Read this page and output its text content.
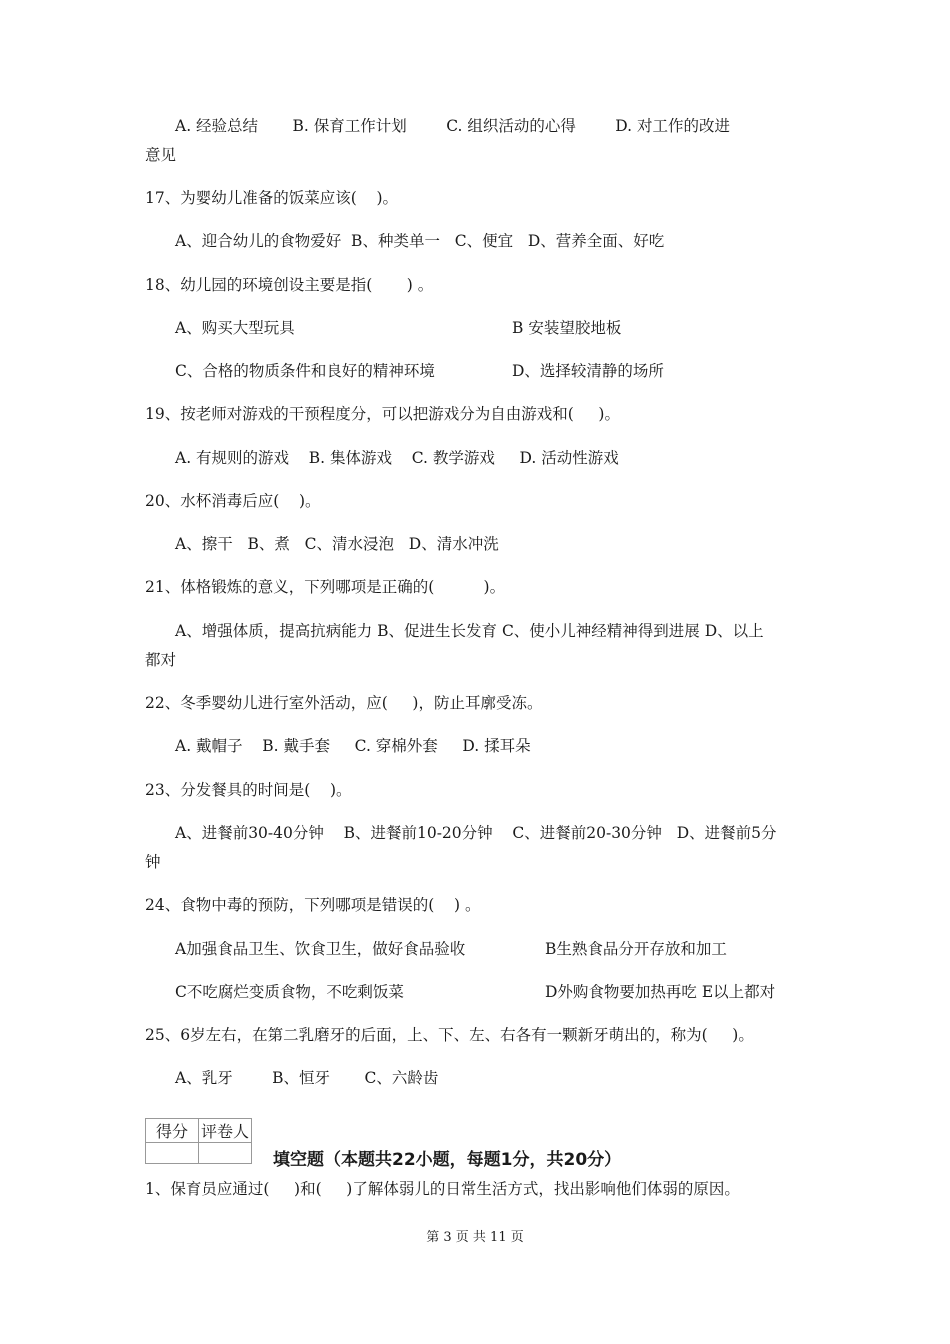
A. 经验总结       B. 保育工作计划        C. 组织活动的心得        D. 对工作的改进
意见
17、为婴幼儿准备的饭菜应该(    )。
A、迎合幼儿的食物爱好  B、种类单一   C、便宜   D、营养全面、好吃
18、幼儿园的环境创设主要是指(       ) 。
A、购买大型玩具	B 安装望胶地板
C、合格的物质条件和良好的精神环境	D、选择较清静的场所
19、按老师对游戏的干预程度分，可以把游戏分为自由游戏和(     )。
A. 有规则的游戏    B. 集体游戏    C. 教学游戏     D. 活动性游戏
20、水杯消毒后应(    )。
A、擦干   B、煮   C、清水浸泡   D、清水冲洗
21、体格锻炼的意义，下列哪项是正确的(          )。
A、增强体质，提高抗病能力 B、促进生长发育 C、使小儿神经精神得到进展 D、以上
都对
22、冬季婴幼儿进行室外活动，应(     )，防止耳廓受冻。
A. 戴帽子    B. 戴手套     C. 穿棉外套     D. 揉耳朵
23、分发餐具的时间是(    )。
A、进餐前30-40分钟    B、进餐前10-20分钟    C、进餐前20-30分钟   D、进餐前5分
钟
24、食物中毒的预防，下列哪项是错误的(    ) 。
A加强食品卫生、饮食卫生，做好食品验收	B生熟食品分开存放和加工
C不吃腐烂变质食物，不吃剩饭菜	D外购食物要加热再吃 E以上都对
25、6岁左右，在第二乳磨牙的后面，上、下、左、右各有一颗新牙萌出的，称为(     )。
A、乳牙        B、恒牙       C、六龄齿
1、保育员应通过(     )和(     )了解体弱儿的日常生活方式，找出影响他们体弱的原因。
得分	评卷人

填空题（本题共22小题，每题1分，共20分）
第 3 页 共 11 页
